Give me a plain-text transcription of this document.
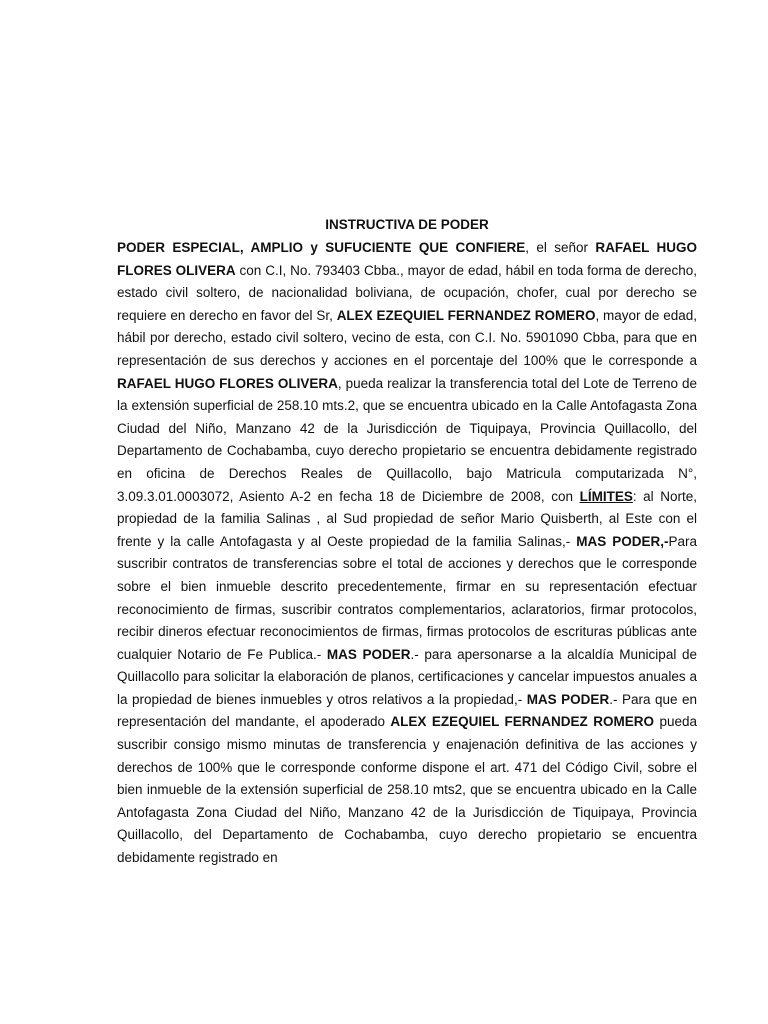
INSTRUCTIVA DE PODER

PODER ESPECIAL, AMPLIO y SUFUCIENTE QUE CONFIERE, el señor RAFAEL HUGO FLORES OLIVERA con C.I, No. 793403 Cbba., mayor de edad, hábil en toda forma de derecho, estado civil soltero, de nacionalidad boliviana, de ocupación, chofer, cual por derecho se requiere en derecho en favor del Sr, ALEX EZEQUIEL FERNANDEZ ROMERO, mayor de edad, hábil por derecho, estado civil soltero, vecino de esta, con C.I. No. 5901090 Cbba, para que en representación de sus derechos y acciones en el porcentaje del 100% que le corresponde a RAFAEL HUGO FLORES OLIVERA, pueda realizar la transferencia total del Lote de Terreno de la extensión superficial de 258.10 mts.2, que se encuentra ubicado en la Calle Antofagasta Zona Ciudad del Niño, Manzano 42 de la Jurisdicción de Tiquipaya, Provincia Quillacollo, del Departamento de Cochabamba, cuyo derecho propietario se encuentra debidamente registrado en oficina de Derechos Reales de Quillacollo, bajo Matricula computarizada N°, 3.09.3.01.0003072, Asiento A-2 en fecha 18 de Diciembre de 2008, con LÍMITES: al Norte, propiedad de la familia Salinas , al Sud propiedad de señor Mario Quisberth, al Este con el frente y la calle Antofagasta y al Oeste propiedad de la familia Salinas,- MAS PODER,-Para suscribir contratos de transferencias sobre el total de acciones y derechos que le corresponde sobre el bien inmueble descrito precedentemente, firmar en su representación efectuar reconocimiento de firmas, suscribir contratos complementarios, aclaratorios, firmar protocolos, recibir dineros efectuar reconocimientos de firmas, firmas protocolos de escrituras públicas ante cualquier Notario de Fe Publica.- MAS PODER.- para apersonarse a la alcaldía Municipal de Quillacollo para solicitar la elaboración de planos, certificaciones y cancelar impuestos anuales a la propiedad de bienes inmuebles y otros relativos a la propiedad,- MAS PODER.- Para que en representación del mandante, el apoderado ALEX EZEQUIEL FERNANDEZ ROMERO pueda suscribir consigo mismo minutas de transferencia y enajenación definitiva de las acciones y derechos de 100% que le corresponde conforme dispone el art. 471 del Código Civil, sobre el bien inmueble de la extensión superficial de 258.10 mts2, que se encuentra ubicado en la Calle Antofagasta Zona Ciudad del Niño, Manzano 42 de la Jurisdicción de Tiquipaya, Provincia Quillacollo, del Departamento de Cochabamba, cuyo derecho propietario se encuentra debidamente registrado en
